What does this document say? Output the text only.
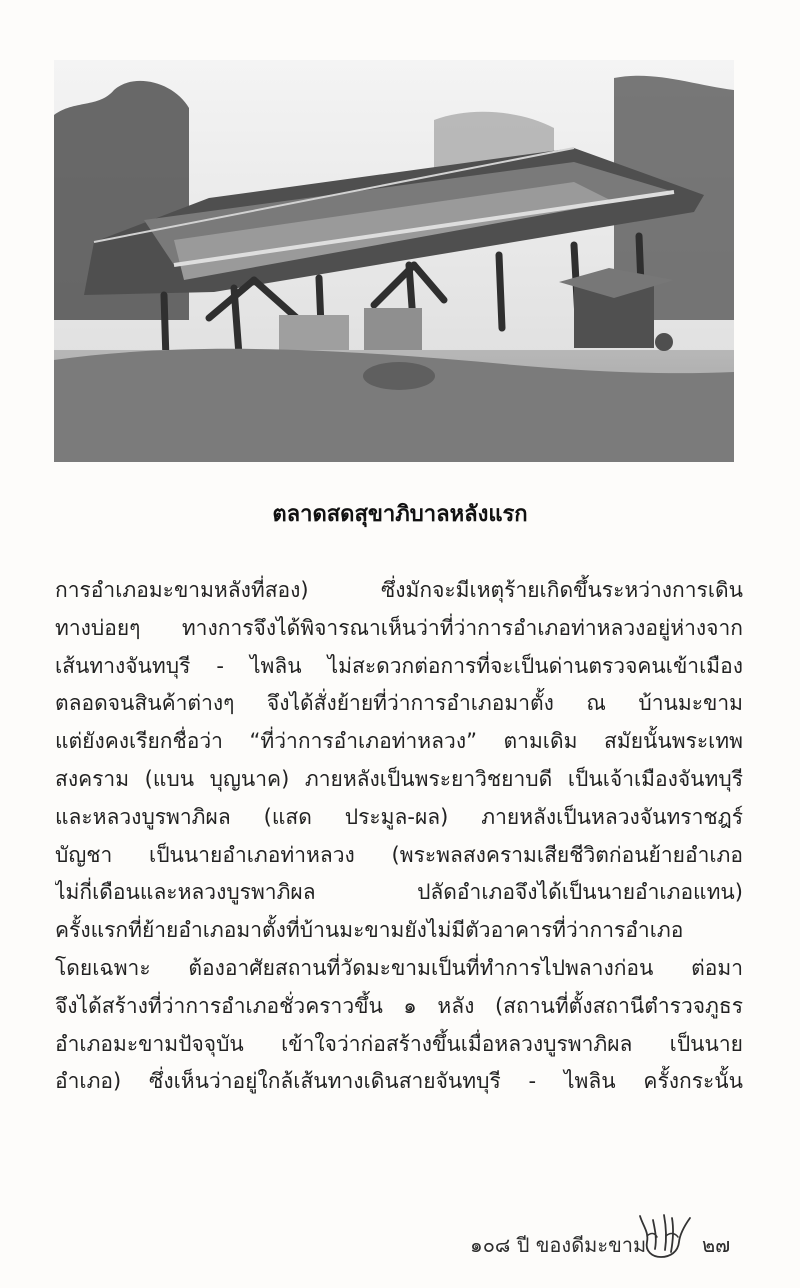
ตลาดสดสุขาภิบาลหลังแรก
การอำเภอมะขามหลังที่สอง) ซึ่งมักจะมีเหตุร้ายเกิดขึ้นระหว่างการเดิน
ทางบ่อยๆ ทางการจึงได้พิจารณาเห็นว่าที่ว่าการอำเภอท่าหลวงอยู่ห่างจาก
เส้นทางจันทบุรี - ไพลิน ไม่สะดวกต่อการที่จะเป็นด่านตรวจคนเข้าเมือง
ตลอดจนสินค้าต่างๆ จึงได้สั่งย้ายที่ว่าการอำเภอมาตั้ง ณ บ้านมะขาม
แต่ยังคงเรียกชื่อว่า “ที่ว่าการอำเภอท่าหลวง” ตามเดิม สมัยนั้นพระเทพ
สงคราม (แบน บุญนาค) ภายหลังเป็นพระยาวิชยาบดี เป็นเจ้าเมืองจันทบุรี
และหลวงบูรพาภิผล (แสด ประมูล-ผล) ภายหลังเป็นหลวงจันทราชฎร์
บัญชา เป็นนายอำเภอท่าหลวง (พระพลสงครามเสียชีวิตก่อนย้ายอำเภอ
ไม่กี่เดือนและหลวงบูรพาภิผล ปลัดอำเภอจึงได้เป็นนายอำเภอแทน)
ครั้งแรกที่ย้ายอำเภอมาตั้งที่บ้านมะขามยังไม่มีตัวอาคารที่ว่าการอำเภอ
โดยเฉพาะ ต้องอาศัยสถานที่วัดมะขามเป็นที่ทำการไปพลางก่อน ต่อมา
จึงได้สร้างที่ว่าการอำเภอชั่วคราวขึ้น ๑ หลัง (สถานที่ตั้งสถานีตำรวจภูธร
อำเภอมะขามปัจจุบัน เข้าใจว่าก่อสร้างขึ้นเมื่อหลวงบูรพาภิผล เป็นนาย
อำเภอ) ซึ่งเห็นว่าอยู่ใกล้เส้นทางเดินสายจันทบุรี - ไพลิน ครั้งกระนั้น
๑๐๘ ปี ของดีมะขาม	๒๗
